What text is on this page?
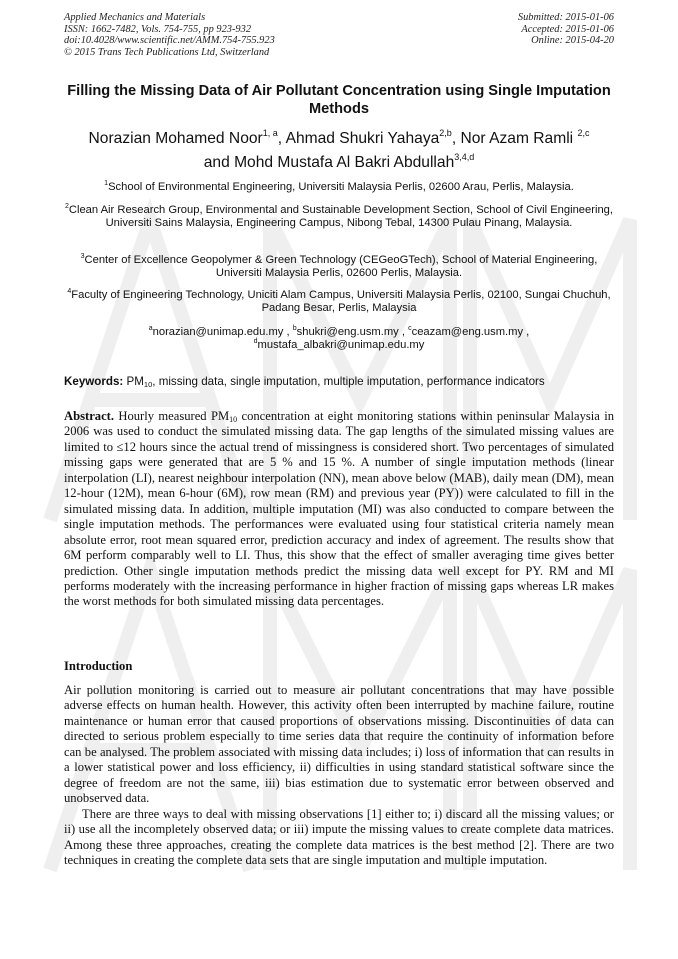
Applied Mechanics and Materials
ISSN: 1662-7482, Vols. 754-755, pp 923-932
doi:10.4028/www.scientific.net/AMM.754-755.923
© 2015 Trans Tech Publications Ltd, Switzerland
Submitted: 2015-01-06
Accepted: 2015-01-06
Online: 2015-04-20
Filling the Missing Data of Air Pollutant Concentration using Single Imputation Methods
Norazian Mohamed Noor$^{1, a}$, Ahmad Shukri Yahaya$^{2,b}$, Nor Azam Ramli $^{2,c}$
and Mohd Mustafa Al Bakri Abdullah$^{3,4,d}$
$^1$School of Environmental Engineering, Universiti Malaysia Perlis, 02600 Arau, Perlis, Malaysia.
$^2$Clean Air Research Group, Environmental and Sustainable Development Section, School of Civil Engineering, Universiti Sains Malaysia, Engineering Campus, Nibong Tebal, 14300 Pulau Pinang, Malaysia.
$^3$Center of Excellence Geopolymer & Green Technology (CEGeoGTech), School of Material Engineering, Universiti Malaysia Perlis, 02600 Perlis, Malaysia.
$^4$Faculty of Engineering Technology, Uniciti Alam Campus, Universiti Malaysia Perlis, 02100, Sungai Chuchuh, Padang Besar, Perlis, Malaysia
$^a$norazian@unimap.edu.my , $^b$shukri@eng.usm.my , $^c$ceazam@eng.usm.my ,
$^d$mustafa_albakri@unimap.edu.my
Keywords: $PM_{10}$, missing data, single imputation, multiple imputation, performance indicators
Abstract. Hourly measured $PM_{10}$ concentration at eight monitoring stations within peninsular Malaysia in 2006 was used to conduct the simulated missing data. The gap lengths of the simulated missing values are limited to ≤12 hours since the actual trend of missingness is considered short. Two percentages of simulated missing gaps were generated that are 5 % and 15 %. A number of single imputation methods (linear interpolation (LI), nearest neighbour interpolation (NN), mean above below (MAB), daily mean (DM), mean 12-hour (12M), mean 6-hour (6M), row mean (RM) and previous year (PY)) were calculated to fill in the simulated missing data. In addition, multiple imputation (MI) was also conducted to compare between the single imputation methods. The performances were evaluated using four statistical criteria namely mean absolute error, root mean squared error, prediction accuracy and index of agreement. The results show that 6M perform comparably well to LI. Thus, this show that the effect of smaller averaging time gives better prediction. Other single imputation methods predict the missing data well except for PY. RM and MI performs moderately with the increasing performance in higher fraction of missing gaps whereas LR makes the worst methods for both simulated missing data percentages.
Introduction

Air pollution monitoring is carried out to measure air pollutant concentrations that may have possible adverse effects on human health. However, this activity often been interrupted by machine failure, routine maintenance or human error that caused proportions of observations missing. Discontinuities of data can directed to serious problem especially to time series data that require the continuity of information before can be analysed. The problem associated with missing data includes; i) loss of information that can results in a lower statistical power and loss efficiency, ii) difficulties in using standard statistical software since the degree of freedom are not the same, iii) bias estimation due to systematic error between observed and unobserved data.

There are three ways to deal with missing observations [1] either to; i) discard all the missing values; or ii) use all the incompletely observed data; or iii) impute the missing values to create complete data matrices. Among these three approaches, creating the complete data matrices is the best method [2]. There are two techniques in creating the complete data sets that are single imputation and multiple imputation.
